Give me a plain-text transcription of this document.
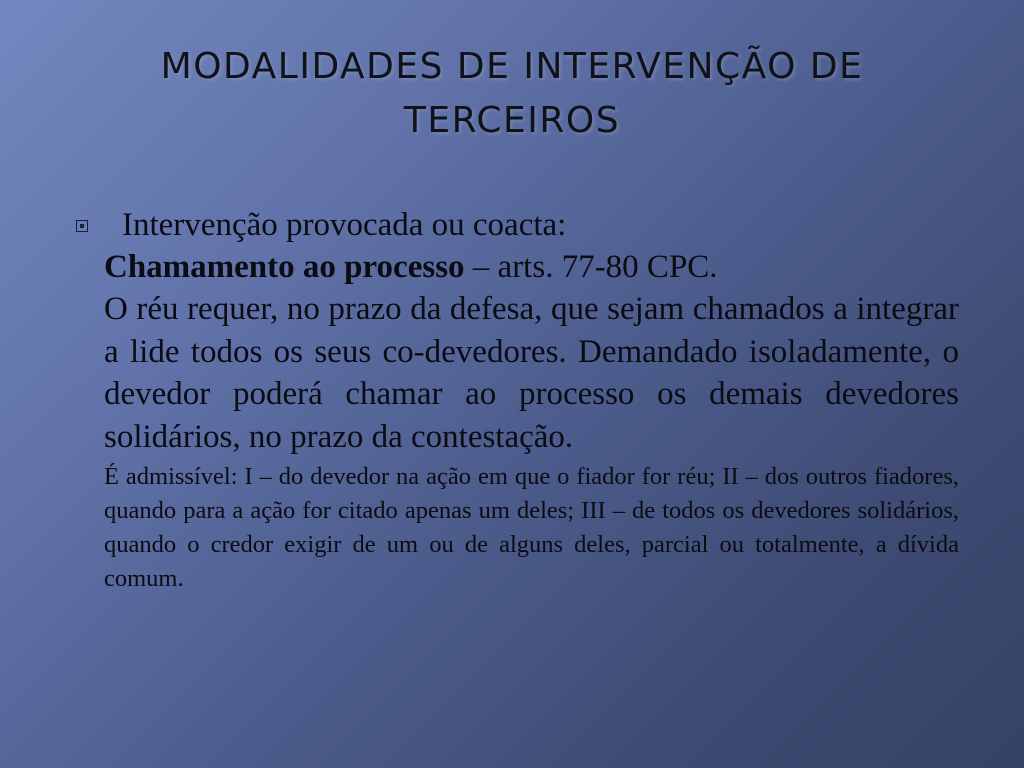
MODALIDADES DE INTERVENÇÃO DE
TERCEIROS
Intervenção provocada ou coacta:
Chamamento ao processo – arts. 77-80 CPC.
O réu requer, no prazo da defesa, que sejam chamados a integrar a lide todos os seus co-devedores. Demandado isoladamente, o devedor poderá chamar ao processo os demais devedores solidários, no prazo da contestação.
É admissível: I – do devedor na ação em que o fiador for réu; II – dos outros fiadores, quando para a ação for citado apenas um deles; III – de todos os devedores solidários, quando o credor exigir de um ou de alguns deles, parcial ou totalmente, a dívida comum.
